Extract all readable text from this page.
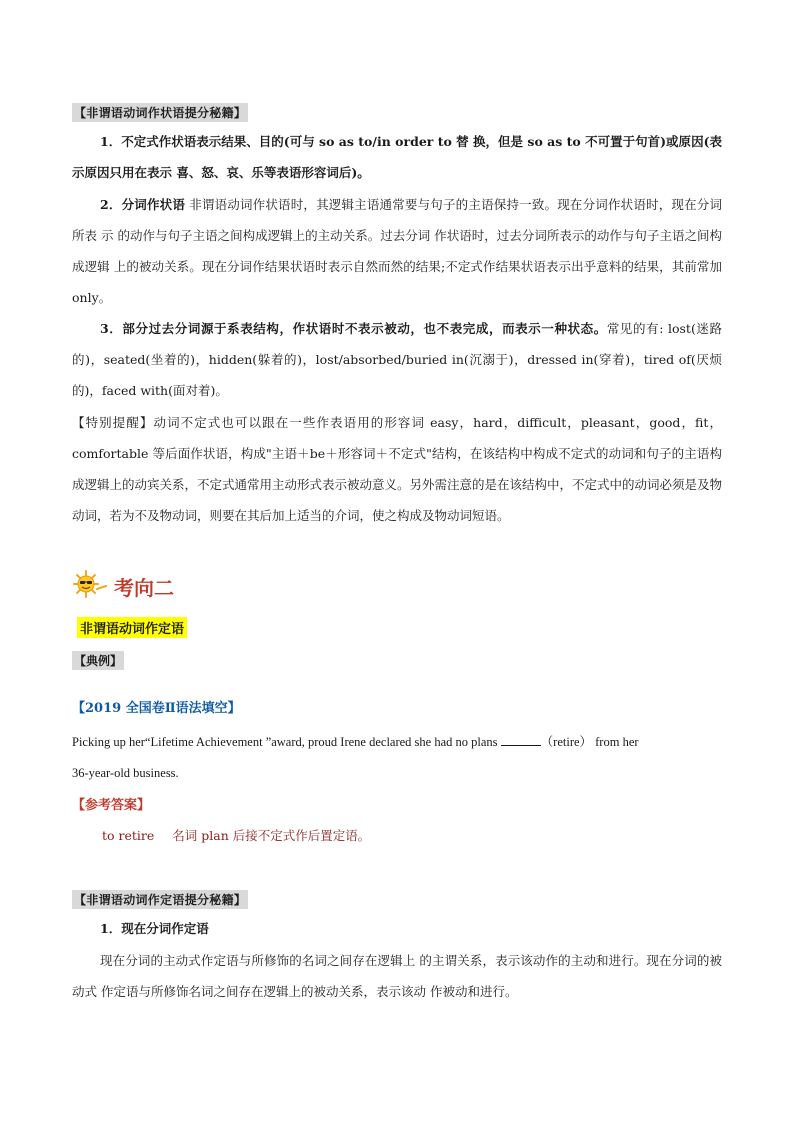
【非谓语动词作状语提分秘籍】

1．不定式作状语表示结果、目的(可与 so as to/in order to 替 换，但是 so as to 不可置于句首)或原因(表示原因只用在表示 喜、怒、哀、乐等表语形容词后)。

2．分词作状语 非谓语动词作状语时，其逻辑主语通常要与句子的主语保持一致。现在分词作状语时，现在分词所表 示 的动作与句子主语之间构成逻辑上的主动关系。过去分词 作状语时，过去分词所表示的动作与句子主语之间构成逻辑 上的被动关系。现在分词作结果状语时表示自然而然的结果;不定式作结果状语表示出乎意料的结果，其前常加 only。

3．部分过去分词源于系表结构，作状语时不表示被动，也不表完成，而表示一种状态。常见的有: lost(迷路的)，seated(坐着的)，hidden(躲着的)，lost/absorbed/buried in(沉溺于)，dressed in(穿着)，tired of(厌烦的)，faced with(面对着)。

【特别提醒】动词不定式也可以跟在一些作表语用的形容词 easy，hard，difficult，pleasant，good，fit，comfortable 等后面作状语，构成"主语＋be＋形容词＋不定式"结构，在该结构中构成不定式的动词和句子的主语构成逻辑上的动宾关系，不定式通常用主动形式表示被动意义。另外需注意的是在该结构中，不定式中的动词必须是及物动词，若为不及物动词，则要在其后加上适当的介词，使之构成及物动词短语。

考向二
非谓语动词作定语
【典例】
【2019 全国卷Ⅱ语法填空】
Picking up her“Lifetime Achievement ”award, proud Irene declared she had no plans	（retire） from her
36-year-old business.
【参考答案】
to retire 名词 plan 后接不定式作后置定语。
【非谓语动词作定语提分秘籍】

1．现在分词作定语

现在分词的主动式作定语与所修饰的名词之间存在逻辑上 的主谓关系，表示该动作的主动和进行。现在分词的被动式 作定语与所修饰名词之间存在逻辑上的被动关系，表示该动 作被动和进行。
